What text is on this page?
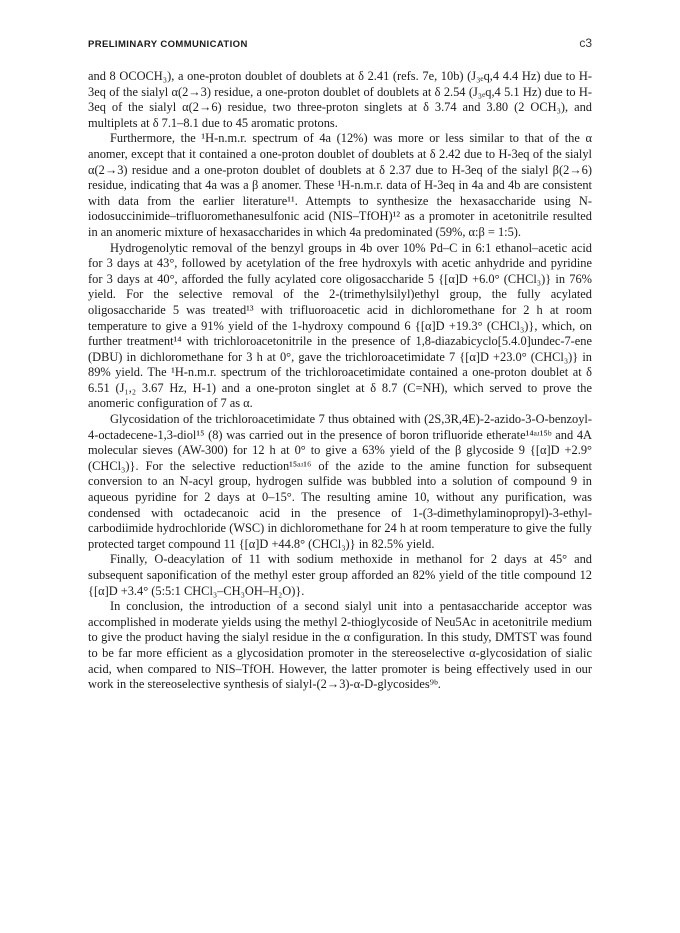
PRELIMINARY COMMUNICATION	c3

and 8 OCOCH₃), a one-proton doublet of doublets at δ 2.41 (refs. 7e, 10b) (J₃ₑq,4 4.4 Hz) due to H-3eq of the sialyl α(2→3) residue, a one-proton doublet of doublets at δ 2.54 (J₃ₑq,4 5.1 Hz) due to H-3eq of the sialyl α(2→6) residue, two three-proton singlets at δ 3.74 and 3.80 (2 OCH₃), and multiplets at δ 7.1–8.1 due to 45 aromatic protons.

Furthermore, the ¹H-n.m.r. spectrum of 4a (12%) was more or less similar to that of the α anomer, except that it contained a one-proton doublet of doublets at δ 2.42 due to H-3eq of the sialyl α(2→3) residue and a one-proton doublet of doublets at δ 2.37 due to H-3eq of the sialyl β(2→6) residue, indicating that 4a was a β anomer. These ¹H-n.m.r. data of H-3eq in 4a and 4b are consistent with data from the earlier literature¹¹. Attempts to synthesize the hexasaccharide using N-iodosuccinimide–trifluoromethanesulfonic acid (NIS–TfOH)¹² as a promoter in acetonitrile resulted in an anomeric mixture of hexasaccharides in which 4a predominated (59%, α:β = 1:5).

Hydrogenolytic removal of the benzyl groups in 4b over 10% Pd–C in 6:1 ethanol–acetic acid for 3 days at 43°, followed by acetylation of the free hydroxyls with acetic anhydride and pyridine for 3 days at 40°, afforded the fully acylated core oligosaccharide 5 {[α]D +6.0° (CHCl₃)} in 76% yield. For the selective removal of the 2-(trimethylsilyl)ethyl group, the fully acylated oligosaccharide 5 was treated¹³ with trifluoroacetic acid in dichloromethane for 2 h at room temperature to give a 91% yield of the 1-hydroxy compound 6 {[α]D +19.3° (CHCl₃)}, which, on further treatment¹⁴ with trichloroacetonitrile in the presence of 1,8-diazabicyclo[5.4.0]undec-7-ene (DBU) in dichloromethane for 3 h at 0°, gave the trichloroacetimidate 7 {[α]D +23.0° (CHCl₃)} in 89% yield. The ¹H-n.m.r. spectrum of the trichloroacetimidate contained a one-proton doublet at δ 6.51 (J₁,₂ 3.67 Hz, H-1) and a one-proton singlet at δ 8.7 (C=NH), which served to prove the anomeric configuration of 7 as α.

Glycosidation of the trichloroacetimidate 7 thus obtained with (2S,3R,4E)-2-azido-3-O-benzoyl-4-octadecene-1,3-diol¹⁵ (8) was carried out in the presence of boron trifluoride etherate¹⁴ᵃʴ¹⁵ᵇ and 4A molecular sieves (AW-300) for 12 h at 0° to give a 63% yield of the β glycoside 9 {[α]D +2.9° (CHCl₃)}. For the selective reduction¹⁵ᵃʴ¹⁶ of the azide to the amine function for subsequent conversion to an N-acyl group, hydrogen sulfide was bubbled into a solution of compound 9 in aqueous pyridine for 2 days at 0–15°. The resulting amine 10, without any purification, was condensed with octadecanoic acid in the presence of 1-(3-dimethylaminopropyl)-3-ethyl-carbodiimide hydrochloride (WSC) in dichloromethane for 24 h at room temperature to give the fully protected target compound 11 {[α]D +44.8° (CHCl₃)} in 82.5% yield.

Finally, O-deacylation of 11 with sodium methoxide in methanol for 2 days at 45° and subsequent saponification of the methyl ester group afforded an 82% yield of the title compound 12 {[α]D +3.4° (5:5:1 CHCl₃–CH₃OH–H₂O)}.

In conclusion, the introduction of a second sialyl unit into a pentasaccharide acceptor was accomplished in moderate yields using the methyl 2-thioglycoside of Neu5Ac in acetonitrile medium to give the product having the sialyl residue in the α configuration. In this study, DMTST was found to be far more efficient as a glycosidation promoter in the stereoselective α-glycosidation of sialic acid, when compared to NIS–TfOH. However, the latter promoter is being effectively used in our work in the stereoselective synthesis of sialyl-(2→3)-α-D-glycosides⁹ᵇ.
